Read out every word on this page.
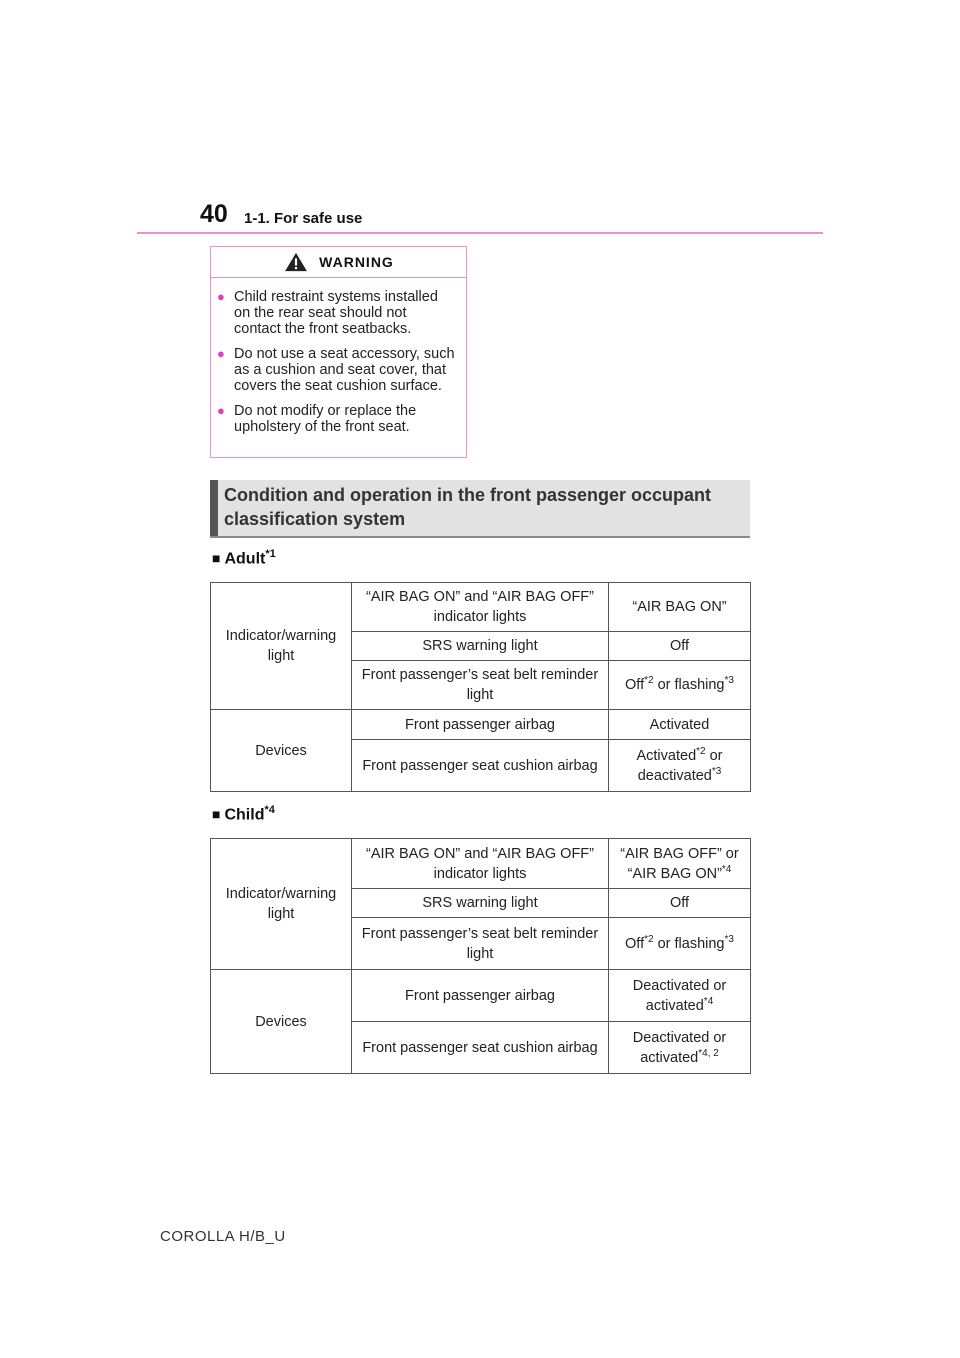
40 1-1. For safe use
WARNING
● Child restraint systems installed on the rear seat should not contact the front seatbacks.
● Do not use a seat accessory, such as a cushion and seat cover, that covers the seat cushion surface.
● Do not modify or replace the upholstery of the front seat.
Condition and operation in the front passenger occupant classification system
■ Adult$^{*1}$
Indicator/warning light	“AIR BAG ON” and “AIR BAG OFF” indicator lights	“AIR BAG ON”
	SRS warning light	Off
	Front passenger’s seat belt reminder light	Off$^{*2}$ or flashing$^{*3}$
Devices	Front passenger airbag	Activated
	Front passenger seat cushion airbag	Activated$^{*2}$ or deactivated$^{*3}$
■ Child$^{*4}$
Indicator/warning light	“AIR BAG ON” and “AIR BAG OFF” indicator lights	“AIR BAG OFF” or “AIR BAG ON”$^{*4}$
	SRS warning light	Off
	Front passenger’s seat belt reminder light	Off$^{*2}$ or flashing$^{*3}$
Devices	Front passenger airbag	Deactivated or activated$^{*4}$
	Front passenger seat cushion airbag	Deactivated or activated$^{*4, 2}$
COROLLA H/B_U
